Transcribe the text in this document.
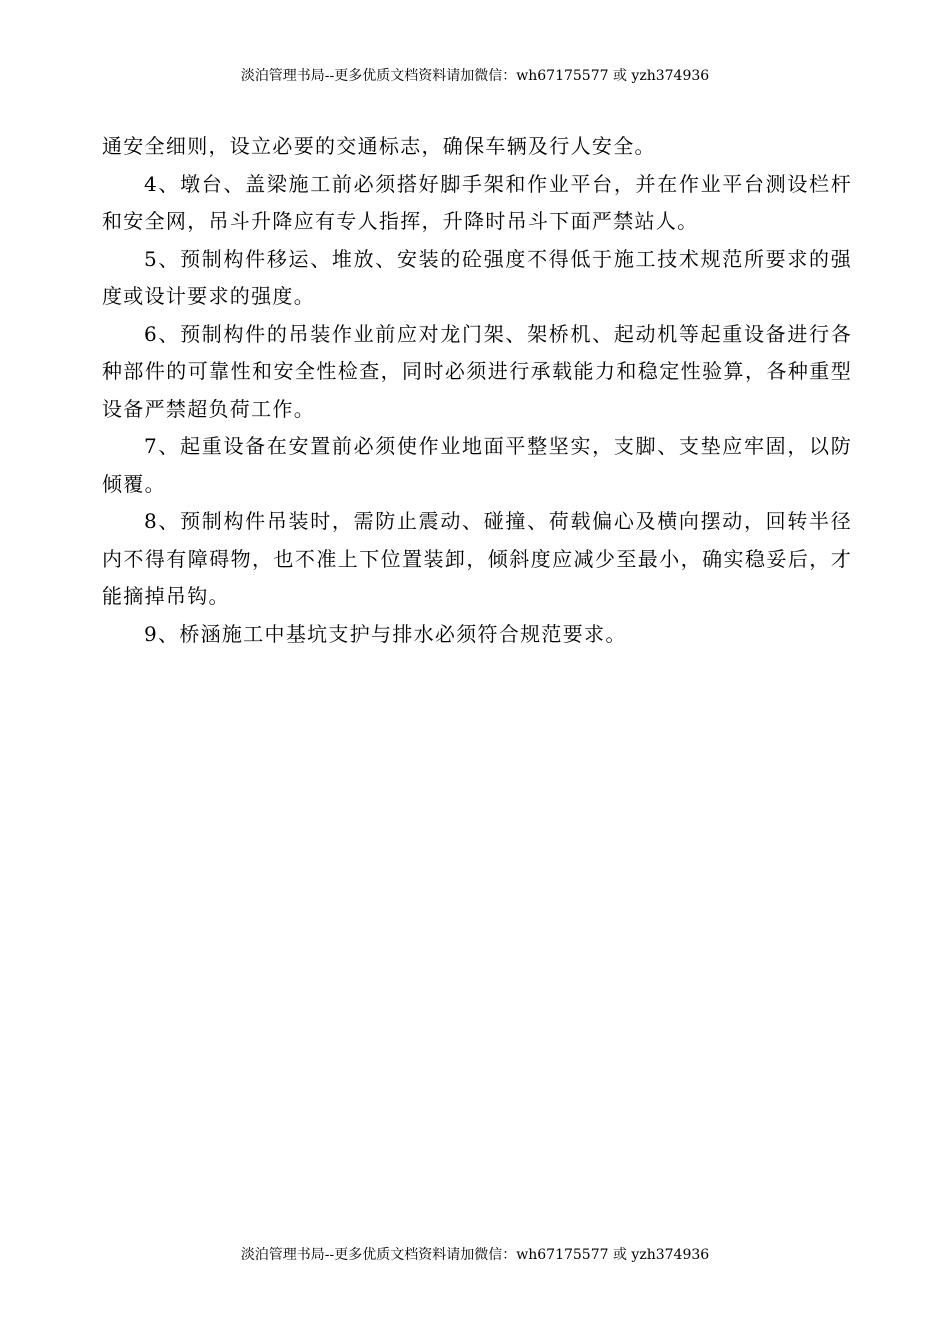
淡泊管理书局--更多优质文档资料请加微信：wh67175577 或 yzh374936

通安全细则，设立必要的交通标志，确保车辆及行人安全。

4、墩台、盖梁施工前必须搭好脚手架和作业平台，并在作业平台测设栏杆和安全网，吊斗升降应有专人指挥，升降时吊斗下面严禁站人。

5、预制构件移运、堆放、安装的砼强度不得低于施工技术规范所要求的强度或设计要求的强度。

6、预制构件的吊装作业前应对龙门架、架桥机、起动机等起重设备进行各种部件的可靠性和安全性检查，同时必须进行承载能力和稳定性验算，各种重型设备严禁超负荷工作。

7、起重设备在安置前必须使作业地面平整坚实，支脚、支垫应牢固，以防倾覆。

8、预制构件吊装时，需防止震动、碰撞、荷载偏心及横向摆动，回转半径内不得有障碍物，也不准上下位置装卸，倾斜度应减少至最小，确实稳妥后，才能摘掉吊钩。

9、桥涵施工中基坑支护与排水必须符合规范要求。

淡泊管理书局--更多优质文档资料请加微信：wh67175577 或 yzh374936
